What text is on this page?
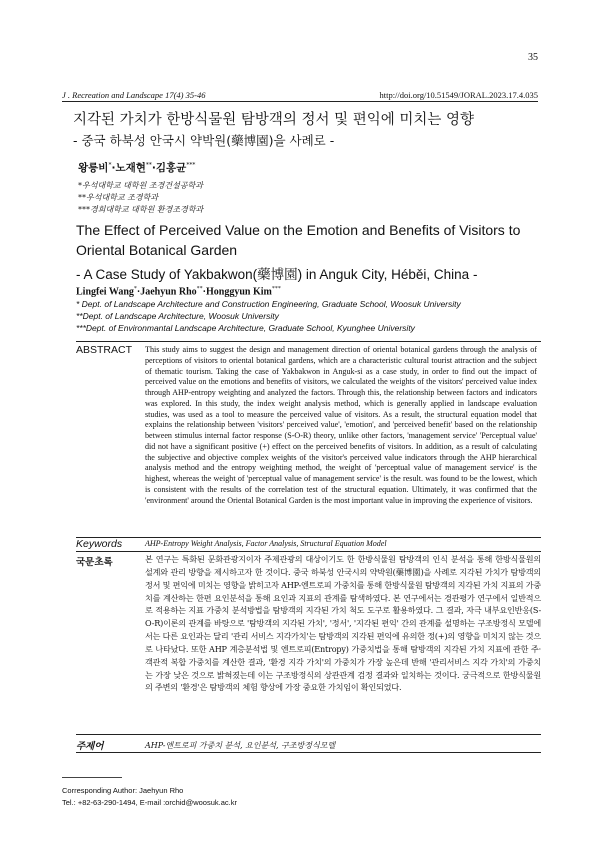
35
J . Recreation and Landscape 17(4) 35-46	http://doi.org/10.51549/JORAL.2023.17.4.035
지각된 가치가 한방식물원 탐방객의 정서 및 편익에 미치는 영향
- 중국 하북성 안국시 약박원(藥博園)을 사례로 -
왕릉비*·노재현**·김홍균***
*우석대학교 대학원 조경건설공학과
**우석대학교 조경학과
***경희대학교 대학원 환경조경학과
The Effect of Perceived Value on the Emotion and Benefits of Visitors to Oriental Botanical Garden
- A Case Study of Yakbakwon(藥博園) in Anguk City, Héběi, China -
Lingfei Wang*·Jaehyun Rho**·Honggyun Kim***
* Dept. of Landscape Architecture and Construction Engineering, Graduate School, Woosuk University
**Dept. of Landscape Architecture, Woosuk University
***Dept. of Environmantal Landscape Architecture, Graduate School, Kyunghee University
ABSTRACT This study aims to suggest the design and management direction of oriental botanical gardens through the analysis of perceptions of visitors to oriental botanical gardens, which are a characteristic cultural tourist attraction and the subject of thematic tourism. Taking the case of Yakbakwon in Anguk-si as a case study, in order to find out the impact of perceived value on the emotions and benefits of visitors, we calculated the weights of the visitors' perceived value index through AHP-entropy weighting and analyzed the factors. Through this, the relationship between factors and indicators was explored. In this study, the index weight analysis method, which is generally applied in landscape evaluation studies, was used as a tool to measure the perceived value of visitors. As a result, the structural equation model that explains the relationship between 'visitors' perceived value', 'emotion', and 'perceived benefit' based on the relationship between stimulus internal factor response (S-O-R) theory, unlike other factors, 'management service' 'Perceptual value' did not have a significant positive (+) effect on the perceived benefits of visitors. In addition, as a result of calculating the subjective and objective complex weights of the visitor's perceived value indicators through the AHP hierarchical analysis method and the entropy weighting method, the weight of 'perceptual value of management service' is the highest, whereas the weight of 'perceptual value of management service' is the result. was found to be the lowest, which is consistent with the results of the correlation test of the structural equation. Ultimately, it was confirmed that the 'environment' around the Oriental Botanical Garden is the most important value in improving the experience of visitors.
Keywords	AHP-Entropy Weight Analysis, Factor Analysis, Structural Equation Model
국문초록	본 연구는 특화된 문화관광지이자 주제관광의 대상이기도 한 한방식물원 탐방객의 인식 분석을 통해 한방식물원의 설계와 관리 방향을 제시하고자 한 것이다. 중국 하북성 안국시의 약박원(藥博園)을 사례로 지각된 가치가 탐방객의 정서 및 편익에 미치는 영향을 밝히고자 AHP-엔트로피 가중치를 통해 한방식물원 탐방객의 지각된 가치 지표의 가중치를 계산하는 한편 요인분석을 통해 요인과 지표의 관계를 탐색하였다. 본 연구에서는 경관평가 연구에서 일반적으로 적용하는 지표 가중치 분석방법을 탐방객의 지각된 가치 척도 도구로 활용하였다. 그 결과, 자극 내부요인반응(S-O-R)이론의 관계를 바탕으로 '탐방객의 지각된 가치', '정서', '지각된 편익' 간의 관계를 설명하는 구조방정식 모델에서는 다른 요인과는 달리 '관리 서비스 지각가치'는 탐방객의 지각된 편익에 유의한 정(+)의 영향을 미치지 않는 것으로 나타났다. 또한 AHP 계층분석법 및 엔트로피(Entropy) 가중치법을 통해 탐방객의 지각된 가치 지표에 관한 주·객관적 복합 가중치를 계산한 결과, '환경 지각 가치'의 가중치가 가장 높은데 반해 '관리서비스 지각 가치'의 가중치는 가장 낮은 것으로 밝혀졌는데 이는 구조방정식의 상관관계 검정 결과와 일치하는 것이다. 궁극적으로 한방식물원의 주변의 '환경'은 탐방객의 체험 향상에 가장 중요한 가치임이 확인되었다.
주제어	AHP-엔트로피 가중치 분석, 요인분석, 구조방정식모델
Corresponding Author: Jaehyun Rho
Tel.: +82-63-290-1494, E-mail :orchid@woosuk.ac.kr
